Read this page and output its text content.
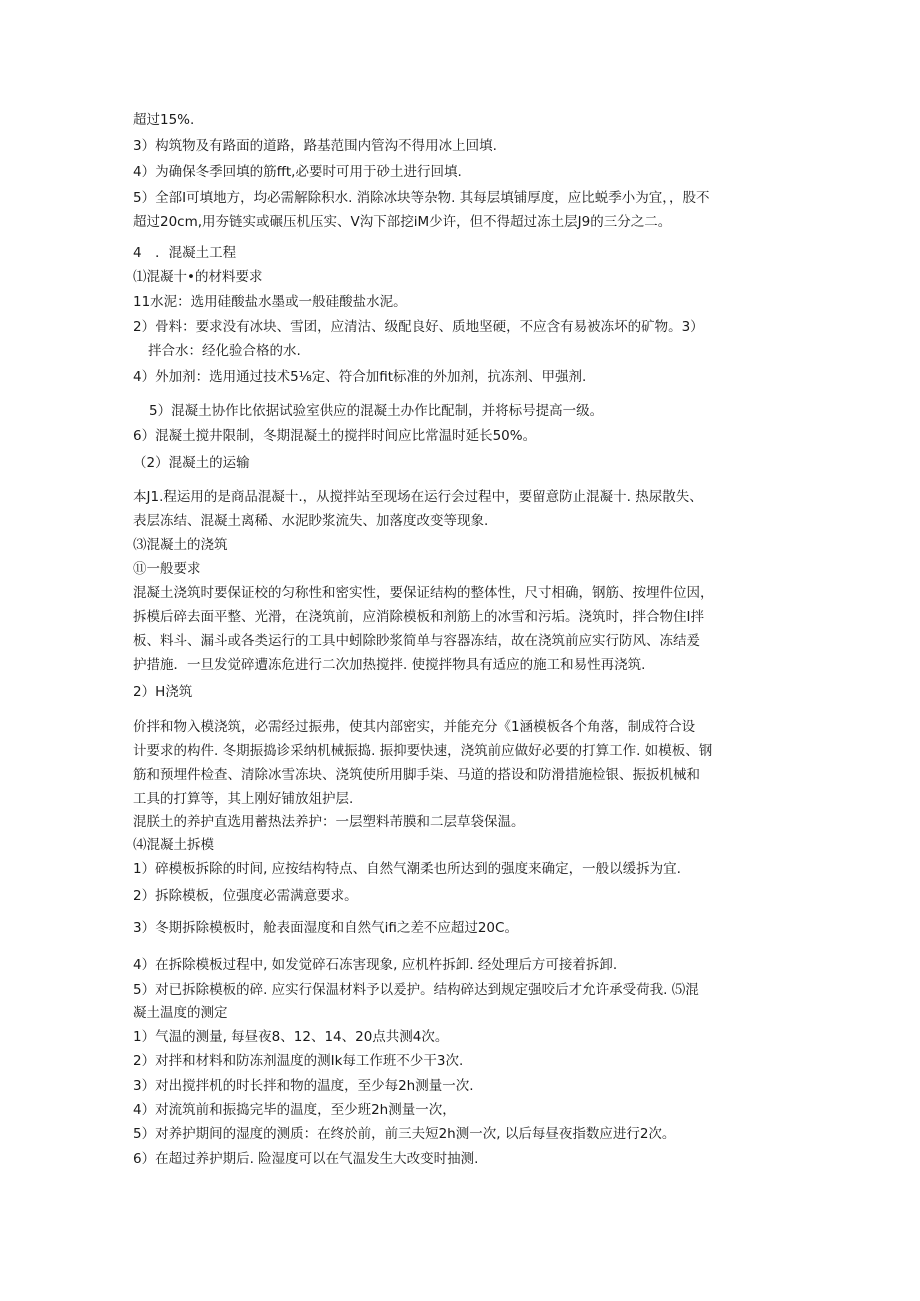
超过15%.
3）构筑物及有路面的道路，路基范围内管沟不得用冰上回填.
4）为确保冬季回填的筋fft,必要时可用于砂土进行回填.
5）全部I可填地方，均必需解除积水. 消除冰块等杂物. 其每层填铺厚度，应比蜕季小为宜，，股不
超过20cm,用夯链实或碾压机压实、V沟下部挖iM少许，但不得超过冻土层J9的三分之二。
4　．混凝土工程
⑴混凝十•的材料要求
11水泥：选用硅酸盐水墨或一般硅酸盐水泥。
2）骨料：要求没有冰块、雪团，应清沽、级配良好、质地坚硬，不应含有易被冻坏的矿物。3）
拌合水：经化验合格的水.
4）外加剂：选用通过技术5⅛定、符合加fit标准的外加剂，抗冻剂、甲强剂.
5）混凝土协作比依据试验室供应的混凝土办作比配制，并将标号提高一级。
6）混凝土搅井限制，冬期混凝土的搅拌时间应比常温时延长50%。
（2）混凝土的运输
本J1.程运用的是商品混凝十.，从搅拌站至现场在运行会过程中，要留意防止混凝十. 热尿散失、
表层冻结、混凝土离稀、水泥眇浆流失、加落度改变等现象.
⑶混凝土的浇筑
⑪一般要求
混凝土浇筑时要保证校的匀称性和密实性，要保证结构的整体性，尺寸相确，钢筋、按埋件位因，
拆模后碎去面平整、光滑，在浇筑前，应消除模板和剂筋上的冰雪和污垢。浇筑时，拌合物住I拌
板、料斗、漏斗或各类运行的工具中蚓除眇浆简单与容器冻结，故在浇筑前应实行防风、冻结爰
护措施．一旦发觉碎遭冻危进行二次加热搅拌. 使搅拌物具有适应的施工和易性再浇筑.
2）H浇筑
价拌和物入模浇筑，必需经过振弗，使其内部密实，并能充分《1涵模板各个角落，制成符合设
计要求的构件. 冬期振捣诊采纳机械振捣. 振抑要快速，浇筑前应做好必要的打算工作. 如模板、钢
筋和预埋件检查、清除冰雪冻块、浇筑使所用脚手柒、马道的搭设和防滑措施检银、振扳机械和
工具的打算等，其上刚好铺放俎护层.
混朕土的养护直选用蓄热法养护：一层塑料芾膜和二层草袋保温。
⑷混凝土拆模
1）碎模板拆除的时间, 应按结构特点、自然气潮柔也所达到的强度来确定，一般以缓拆为宜.
2）拆除模板，位强度必需满意要求。
3）冬期拆除模板时，舱表面湿度和自然气ifi之差不应超过20C。
4）在拆除模板过程中, 如发觉碎石冻害现象, 应机杵拆卸. 经处理后方可接着拆卸.
5）对已拆除模板的碎. 应实行保温材料予以爰护。结构碎达到规定强咬后才允许承受荷我. ⑸混
凝土温度的测定
1）气温的测量, 每昼夜8、12、14、20点共测4次。
2）对拌和材料和防冻剂温度的测Ik每工作班不少干3次.
3）对出搅拌机的时长拌和物的温度，至少每2h测量一次.
4）对流筑前和振捣完毕的温度，至少班2h测量一次，
5）对养护期间的湿度的测质：在终於前，前三夫短2h测一次, 以后每昼夜指数应进行2次。
6）在超过养护期后. 险湿度可以在气温发生大改变时抽测.
